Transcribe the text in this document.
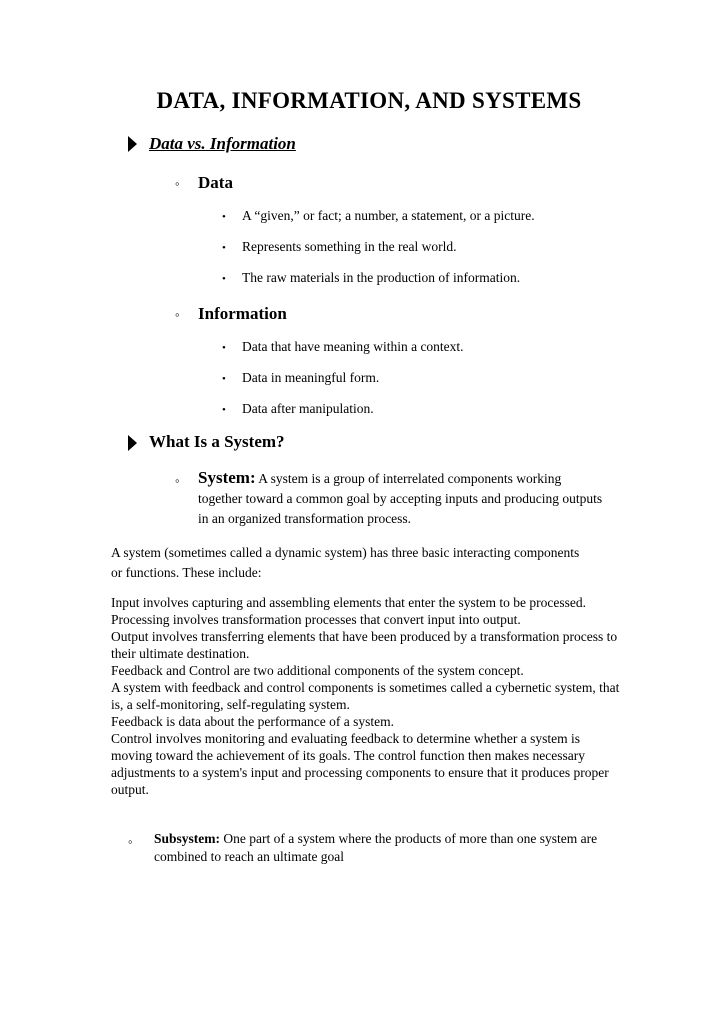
DATA, INFORMATION, AND SYSTEMS
Data vs. Information
◦ Data
• A “given,” or fact; a number, a statement, or a picture.
• Represents something in the real world.
• The raw materials in the production of information.
◦ Information
• Data that have meaning within a context.
• Data in meaningful form.
• Data after manipulation.
What Is a System?
◦ System: A system is a group of interrelated components working together toward a common goal by accepting inputs and producing outputs in an organized transformation process.
A system (sometimes called a dynamic system) has three basic interacting components or functions. These include:

Input involves capturing and assembling elements that enter the system to be processed. Processing involves transformation processes that convert input into output.

Output involves transferring elements that have been produced by a transformation process to their ultimate destination.

Feedback and Control are two additional components of the system concept.

A system with feedback and control components is sometimes called a cybernetic system, that is, a self-monitoring, self-regulating system.

Feedback is data about the performance of a system.

Control involves monitoring and evaluating feedback to determine whether a system is moving toward the achievement of its goals. The control function then makes necessary adjustments to a system's input and processing components to ensure that it produces proper output.

◦ Subsystem: One part of a system where the products of more than one system are combined to reach an ultimate goal
